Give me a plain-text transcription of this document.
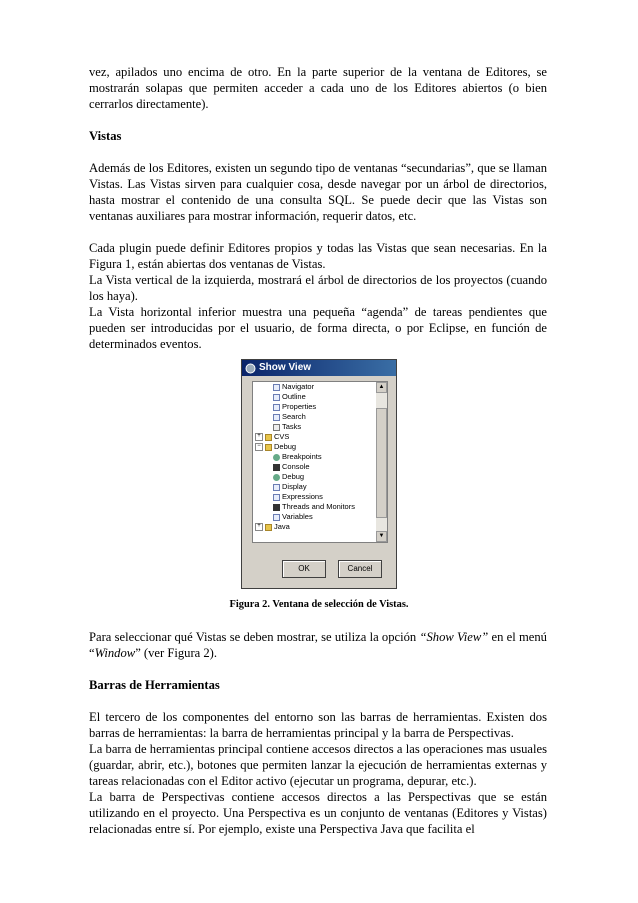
vez, apilados uno encima de otro. En la parte superior de la ventana de Editores, se mostrarán solapas que permiten acceder a cada uno de los Editores abiertos (o bien cerrarlos directamente).

Vistas

Además de los Editores, existen un segundo tipo de ventanas “secundarias”, que se llaman Vistas. Las Vistas sirven para cualquier cosa, desde navegar por un árbol de directorios, hasta mostrar el contenido de una consulta SQL. Se puede decir que las Vistas son ventanas auxiliares para mostrar información, requerir datos, etc.

Cada plugin puede definir Editores propios y todas las Vistas que sean necesarias. En la Figura 1, están abiertas dos ventanas de Vistas.

La Vista vertical de la izquierda, mostrará el árbol de directorios de los proyectos (cuando los haya).

La Vista horizontal inferior muestra una pequeña “agenda” de tareas pendientes que pueden ser introducidas por el usuario, de forma directa, o por Eclipse, en función de determinados eventos.

Show View
Navigator
Outline
Properties
Search
Tasks
+	CVS
−	Debug
Breakpoints
Console
Debug
Display
Expressions
Threads and Monitors
Variables
+	Java
▲
▼
OK	Cancel
Figura 2. Ventana de selección de Vistas.

Para seleccionar qué Vistas se deben mostrar, se utiliza la opción “Show View” en el menú “Window” (ver Figura 2).

Barras de Herramientas

El tercero de los componentes del entorno son las barras de herramientas. Existen dos barras de herramientas: la barra de herramientas principal y la barra de Perspectivas.

La barra de herramientas principal contiene accesos directos a las operaciones mas usuales (guardar, abrir, etc.), botones que permiten lanzar la ejecución de herramientas externas y tareas relacionadas con el Editor activo (ejecutar un programa, depurar, etc.).

La barra de Perspectivas contiene accesos directos a las Perspectivas que se están utilizando en el proyecto. Una Perspectiva es un conjunto de ventanas (Editores y Vistas) relacionadas entre sí. Por ejemplo, existe una Perspectiva Java que facilita el
